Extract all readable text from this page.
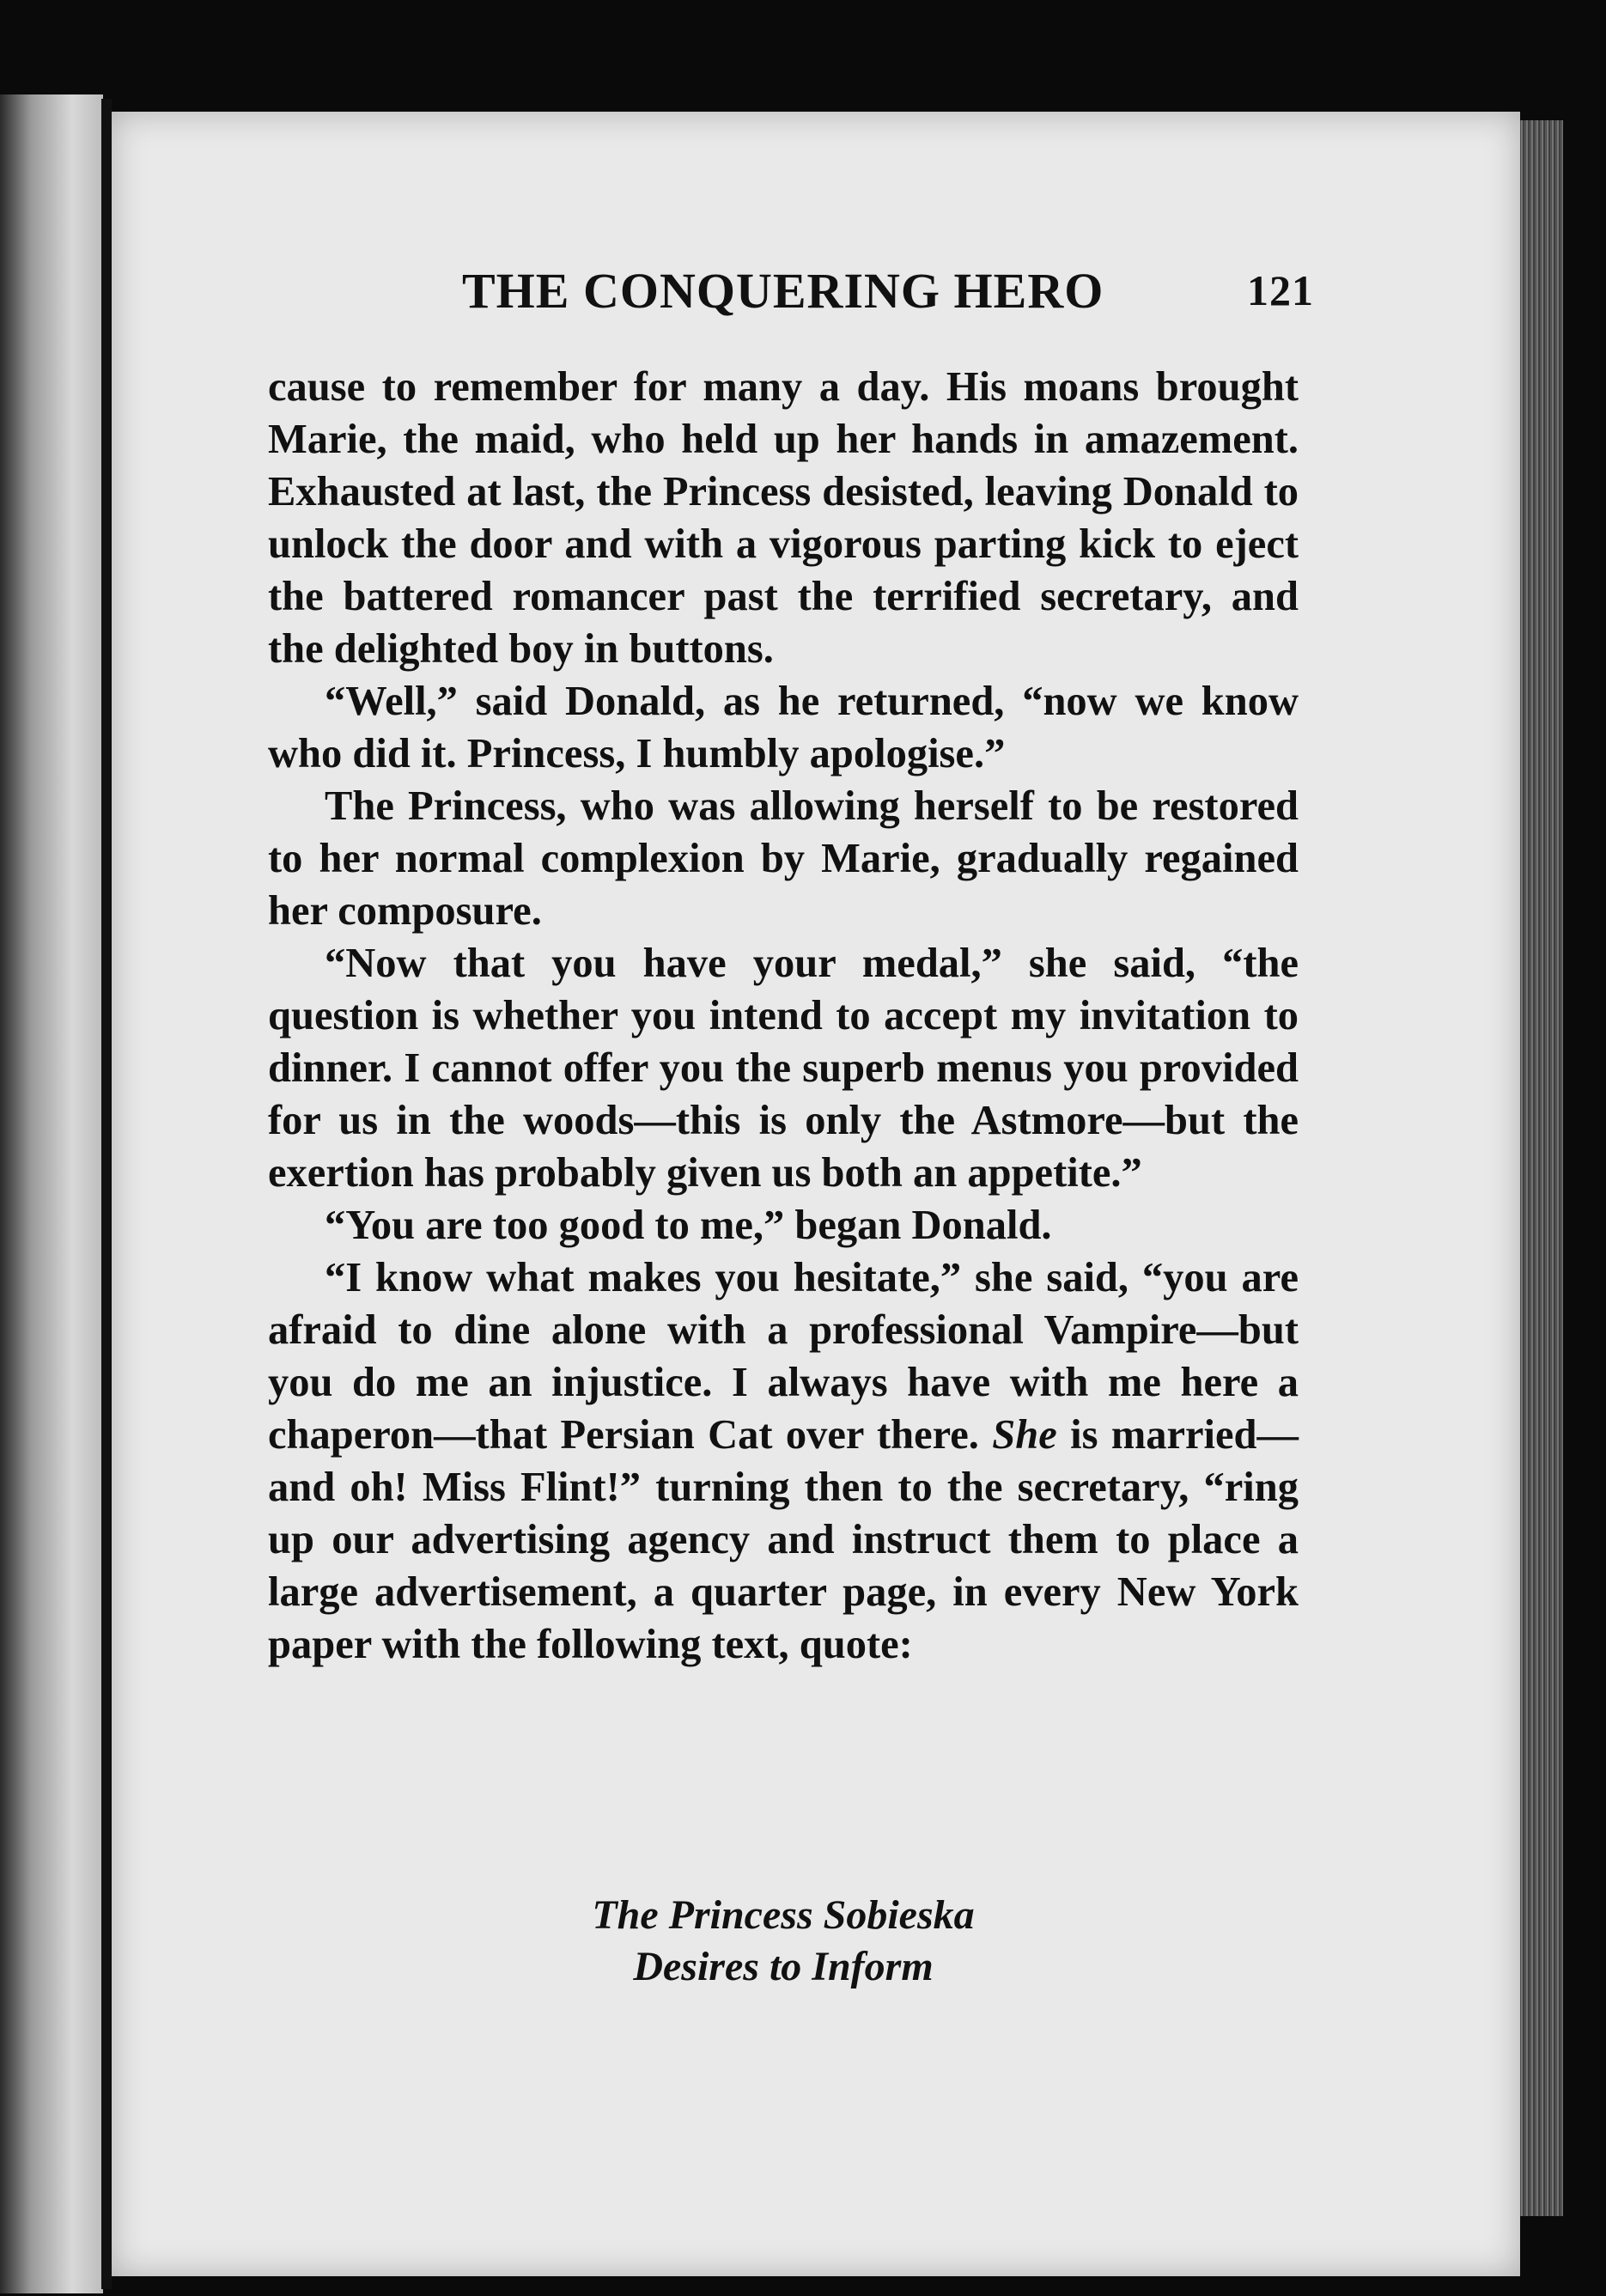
THE CONQUERING HERO	121

cause to remember for many a day. His moans brought Marie, the maid, who held up her hands in amazement. Exhausted at last, the Princess desisted, leaving Donald to unlock the door and with a vigorous parting kick to eject the battered romancer past the terrified secretary, and the delighted boy in buttons.

“Well,” said Donald, as he returned, “now we know who did it. Princess, I humbly apologise.”

The Princess, who was allowing herself to be restored to her normal complexion by Marie, gradually regained her composure.

“Now that you have your medal,” she said, “the question is whether you intend to accept my invitation to dinner. I cannot offer you the superb menus you provided for us in the woods—this is only the Astmore—but the exertion has probably given us both an appetite.”

“You are too good to me,” began Donald.

“I know what makes you hesitate,” she said, “you are afraid to dine alone with a professional Vampire—but you do me an injustice. I always have with me here a chaperon—that Persian Cat over there. She is married—and oh! Miss Flint!” turning then to the secretary, “ring up our advertising agency and instruct them to place a large advertisement, a quarter page, in every New York paper with the following text, quote:

The Princess Sobieska
Desires to Inform
